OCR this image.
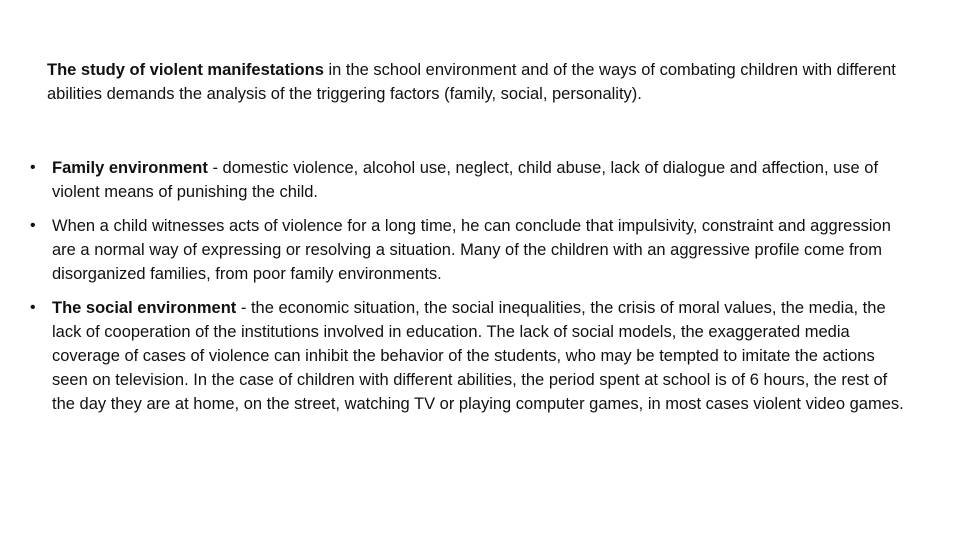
The study of violent manifestations in the school environment and of the ways of combating children with different abilities demands the analysis of the triggering factors (family, social, personality).

• Family environment - domestic violence, alcohol use, neglect, child abuse, lack of dialogue and affection, use of violent means of punishing the child.
• When a child witnesses acts of violence for a long time, he can conclude that impulsivity, constraint and aggression are a normal way of expressing or resolving a situation. Many of the children with an aggressive profile come from disorganized families, from poor family environments.
• The social environment - the economic situation, the social inequalities, the crisis of moral values, the media, the lack of cooperation of the institutions involved in education. The lack of social models, the exaggerated media coverage of cases of violence can inhibit the behavior of the students, who may be tempted to imitate the actions seen on television. In the case of children with different abilities, the period spent at school is of 6 hours, the rest of the day they are at home, on the street, watching TV or playing computer games, in most cases violent video games.
